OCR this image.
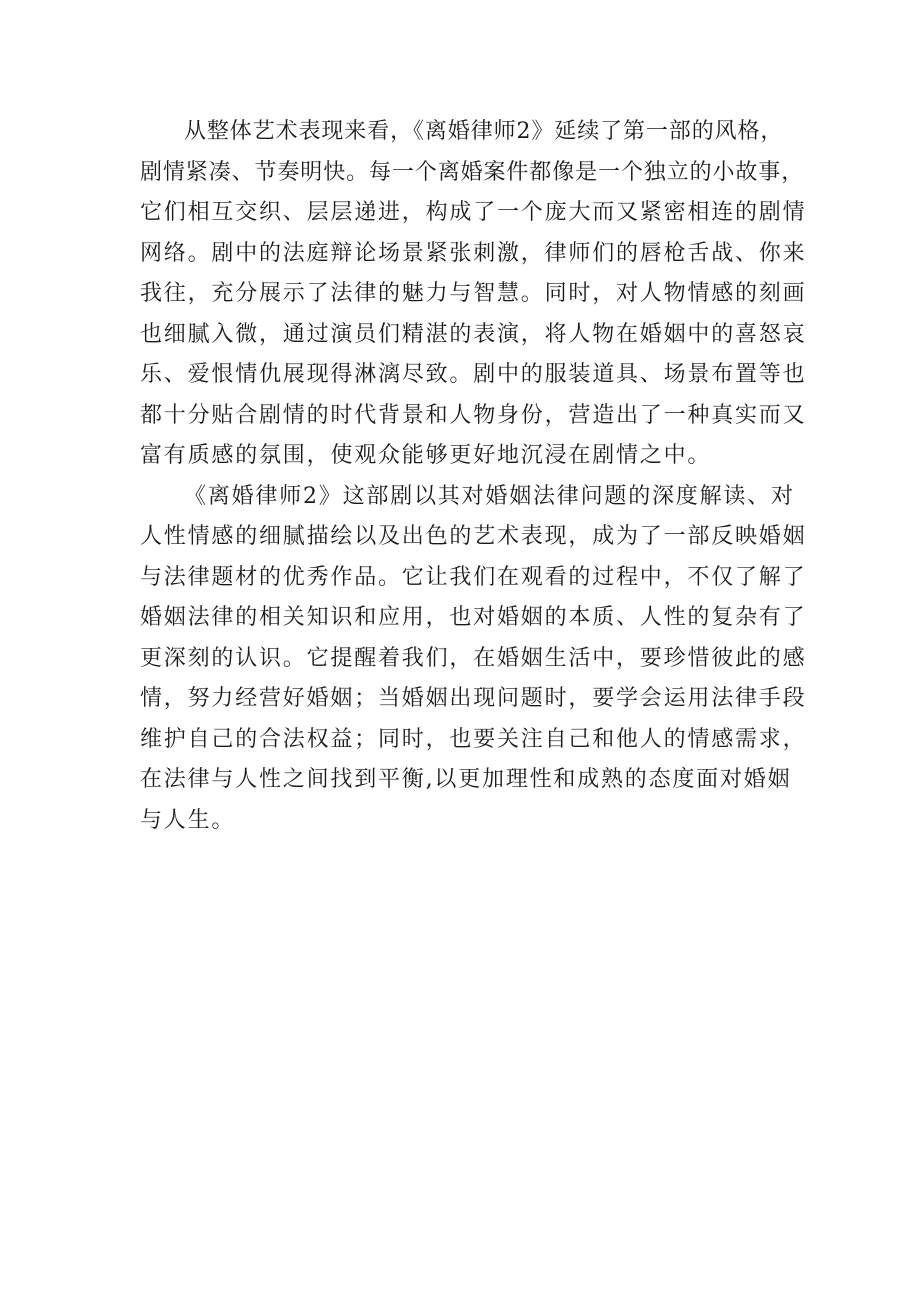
从整体艺术表现来看，《离婚律师2》延续了第一部的风格，
剧情紧凑、节奏明快。每一个离婚案件都像是一个独立的小故事，
它们相互交织、层层递进，构成了一个庞大而又紧密相连的剧情
网络。剧中的法庭辩论场景紧张刺激，律师们的唇枪舌战、你来
我往，充分展示了法律的魅力与智慧。同时，对人物情感的刻画
也细腻入微，通过演员们精湛的表演，将人物在婚姻中的喜怒哀
乐、爱恨情仇展现得淋漓尽致。剧中的服装道具、场景布置等也
都十分贴合剧情的时代背景和人物身份，营造出了一种真实而又
富有质感的氛围，使观众能够更好地沉浸在剧情之中。
《离婚律师2》这部剧以其对婚姻法律问题的深度解读、对
人性情感的细腻描绘以及出色的艺术表现，成为了一部反映婚姻
与法律题材的优秀作品。它让我们在观看的过程中，不仅了解了
婚姻法律的相关知识和应用，也对婚姻的本质、人性的复杂有了
更深刻的认识。它提醒着我们，在婚姻生活中，要珍惜彼此的感
情，努力经营好婚姻；当婚姻出现问题时，要学会运用法律手段
维护自己的合法权益；同时，也要关注自己和他人的情感需求，
在法律与人性之间找到平衡,以更加理性和成熟的态度面对婚姻
与人生。
